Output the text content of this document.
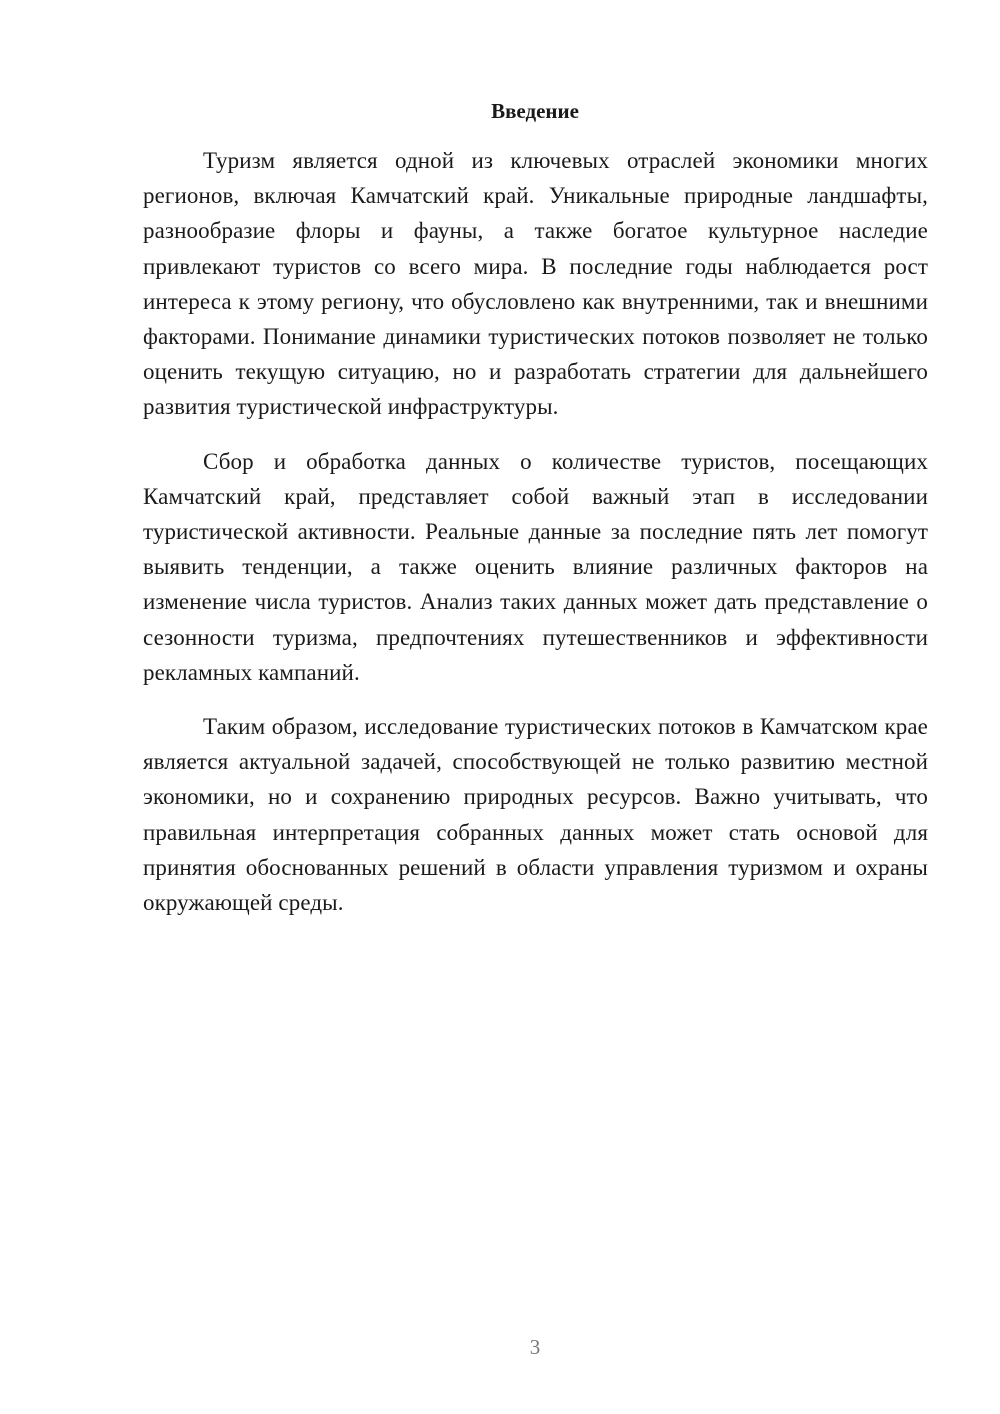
Введение

Туризм является одной из ключевых отраслей экономики многих регионов, включая Камчатский край. Уникальные природные ландшафты, разнообразие флоры и фауны, а также богатое культурное наследие привлекают туристов со всего мира. В последние годы наблюдается рост интереса к этому региону, что обусловлено как внутренними, так и внешними факторами. Понимание динамики туристических потоков позволяет не только оценить текущую ситуацию, но и разработать стратегии для дальнейшего развития туристической инфраструктуры.

Сбор и обработка данных о количестве туристов, посещающих Камчатский край, представляет собой важный этап в исследовании туристической активности. Реальные данные за последние пять лет помогут выявить тенденции, а также оценить влияние различных факторов на изменение числа туристов. Анализ таких данных может дать представление о сезонности туризма, предпочтениях путешественников и эффективности рекламных кампаний.

Таким образом, исследование туристических потоков в Камчатском крае является актуальной задачей, способствующей не только развитию местной экономики, но и сохранению природных ресурсов. Важно учитывать, что правильная интерпретация собранных данных может стать основой для принятия обоснованных решений в области управления туризмом и охраны окружающей среды.

3
